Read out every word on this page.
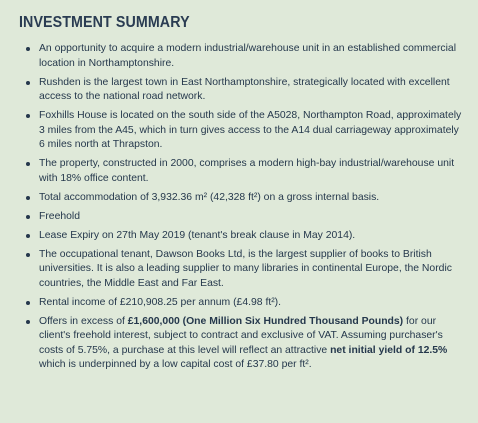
INVESTMENT SUMMARY
An opportunity to acquire a modern industrial/warehouse unit in an established commercial location in Northamptonshire.
Rushden is the largest town in East Northamptonshire, strategically located with excellent access to the national road network.
Foxhills House is located on the south side of the A5028, Northampton Road, approximately 3 miles from the A45, which in turn gives access to the A14 dual carriageway approximately 6 miles north at Thrapston.
The property, constructed in 2000, comprises a modern high-bay industrial/warehouse unit with 18% office content.
Total accommodation of 3,932.36 m² (42,328 ft²) on a gross internal basis.
Freehold
Lease Expiry on 27th May 2019 (tenant's break clause in May 2014).
The occupational tenant, Dawson Books Ltd, is the largest supplier of books to British universities. It is also a leading supplier to many libraries in continental Europe, the Nordic countries, the Middle East and Far East.
Rental income of £210,908.25 per annum (£4.98 ft²).
Offers in excess of £1,600,000 (One Million Six Hundred Thousand Pounds) for our client's freehold interest, subject to contract and exclusive of VAT. Assuming purchaser's costs of 5.75%, a purchase at this level will reflect an attractive net initial yield of 12.5% which is underpinned by a low capital cost of £37.80 per ft².
